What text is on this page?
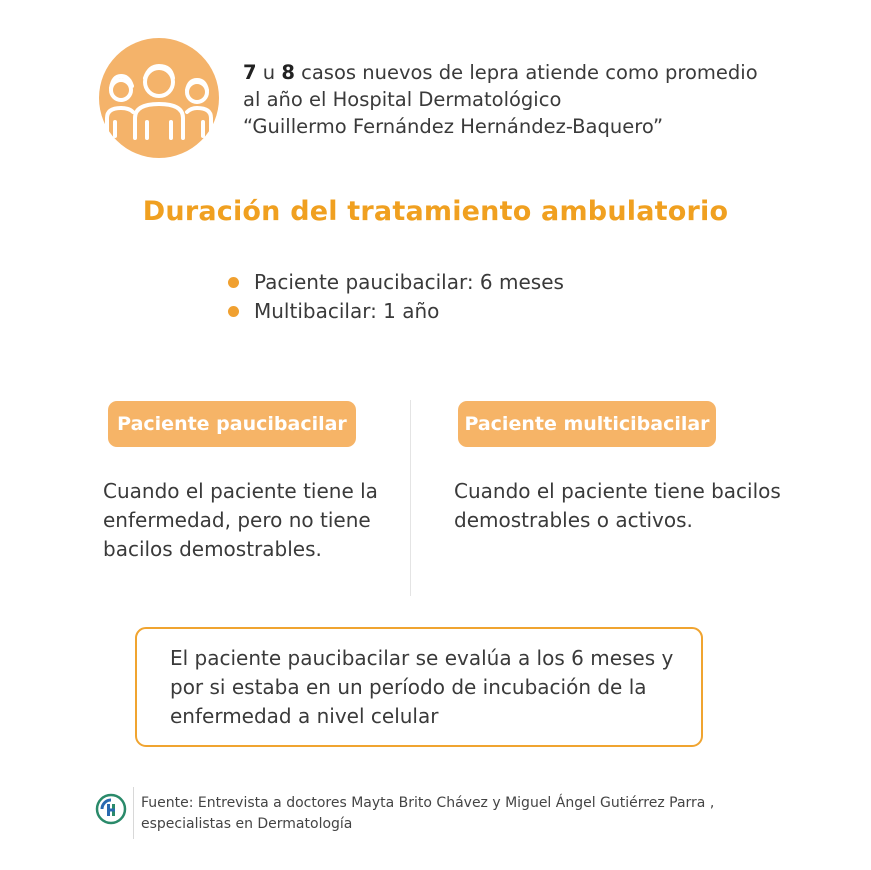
7 u 8 casos nuevos de lepra atiende como promedio
al año el Hospital Dermatológico
“Guillermo Fernández Hernández-Baquero”
Duración del tratamiento ambulatorio
Paciente paucibacilar: 6 meses
Multibacilar: 1 año
Paciente paucibacilar	Paciente multicibacilar
Cuando el paciente tiene la enfermedad, pero no tiene bacilos demostrables.
Cuando el paciente tiene bacilos demostrables o activos.
El paciente paucibacilar se evalúa a los 6 meses y por si estaba en un período de incubación de la enfermedad a nivel celular
Fuente: Entrevista a doctores Mayta Brito Chávez y Miguel Ángel Gutiérrez Parra , especialistas en Dermatología
